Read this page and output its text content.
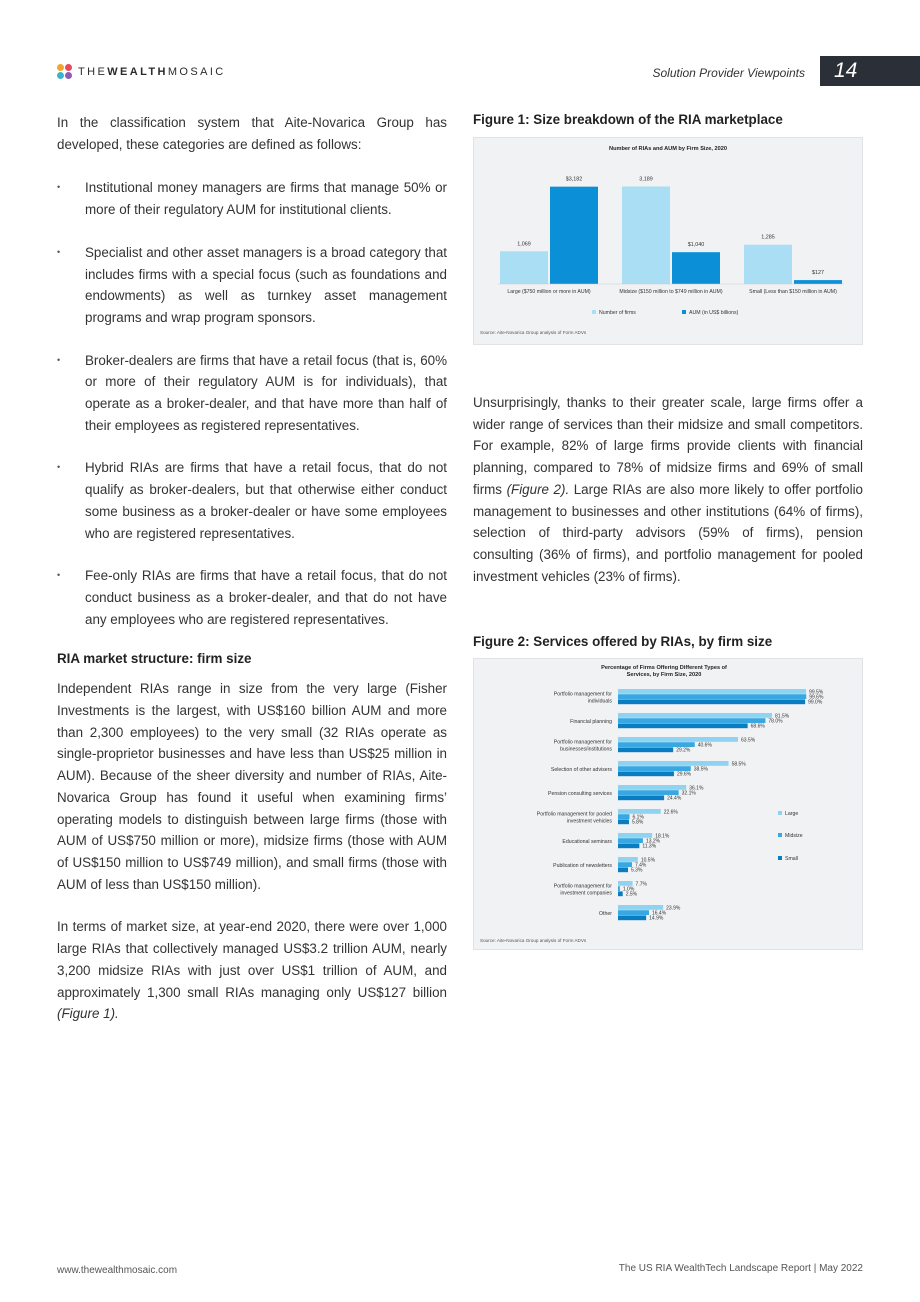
THEWEALTHMOSAIC	Solution Provider Viewpoints	14

In the classification system that Aite-Novarica Group has developed, these categories are defined as follows:

• Institutional money managers are firms that manage 50% or more of their regulatory AUM for institutional clients.
• Specialist and other asset managers is a broad category that includes firms with a special focus (such as foundations and endowments) as well as turnkey asset management programs and wrap program sponsors.
• Broker-dealers are firms that have a retail focus (that is, 60% or more of their regulatory AUM is for individuals), that operate as a broker-dealer, and that have more than half of their employees as registered representatives.
• Hybrid RIAs are firms that have a retail focus, that do not qualify as broker-dealers, but that otherwise either conduct some business as a broker-dealer or have some employees who are registered representatives.
• Fee-only RIAs are firms that have a retail focus, that do not conduct business as a broker-dealer, and that do not have any employees who are registered representatives.
RIA market structure: firm size

Independent RIAs range in size from the very large (Fisher Investments is the largest, with US$160 billion AUM and more than 2,300 employees) to the very small (32 RIAs operate as single-proprietor businesses and have less than US$25 million in AUM). Because of the sheer diversity and number of RIAs, Aite-Novarica Group has found it useful when examining firms’ operating models to distinguish between large firms (those with AUM of US$750 million or more), midsize firms (those with AUM of US$150 million to US$749 million), and small firms (those with AUM of less than US$150 million).

In terms of market size, at year-end 2020, there were over 1,000 large RIAs that collectively managed US$3.2 trillion AUM, nearly 3,200 midsize RIAs with just over US$1 trillion of AUM, and approximately 1,300 small RIAs managing only US$127 billion (Figure 1).

Figure 1: Size breakdown of the RIA marketplace
Number of RIAs and AUM by Firm Size, 2020
1,069
$3,182
Large ($750 million or more in AUM)
3,189
$1,040
Midsize ($150 million to $749 million in AUM)
1,285
$127
Small (Less than $150 million in AUM)
Number of firms	AUM (in US$ billions)
Source: Aite-Novarica Group analysis of Form ADVs

Unsurprisingly, thanks to their greater scale, large firms offer a wider range of services than their midsize and small competitors. For example, 82% of large firms provide clients with financial planning, compared to 78% of midsize firms and 69% of small firms (Figure 2). Large RIAs are also more likely to offer portfolio management to businesses and other institutions (64% of firms), selection of third-party advisors (59% of firms), pension consulting (36% of firms), and portfolio management for pooled investment vehicles (23% of firms).

Figure 2: Services offered by RIAs, by firm size
Percentage of Firms Offering Different Types of
Services, by Firm Size, 2020
Portfolio management for
individuals
99.5%
99.6%
99.0%
Financial planning
81.5%
78.0%
68.6%
Portfolio management for
businesses/institutions
63.5%
40.6%
29.2%
Selection of other advisers
58.5%
38.5%
29.6%
Pension consulting services
36.1%
32.1%
24.4%
Portfolio management for pooled
investment vehicles
22.6%
6.1%
5.8%
Educational seminars
18.1%
13.2%
11.3%
Publication of newsletters
10.5%
7.4%
5.3%
Portfolio management for
investment companies
7.7%
1.0%
2.5%
Other
23.9%
16.4%
14.9%
Large
Midsize
Small
Source: Aite-Novarica Group analysis of Form ADVs
www.thewealthmosaic.com	The US RIA WealthTech Landscape Report | May 2022
